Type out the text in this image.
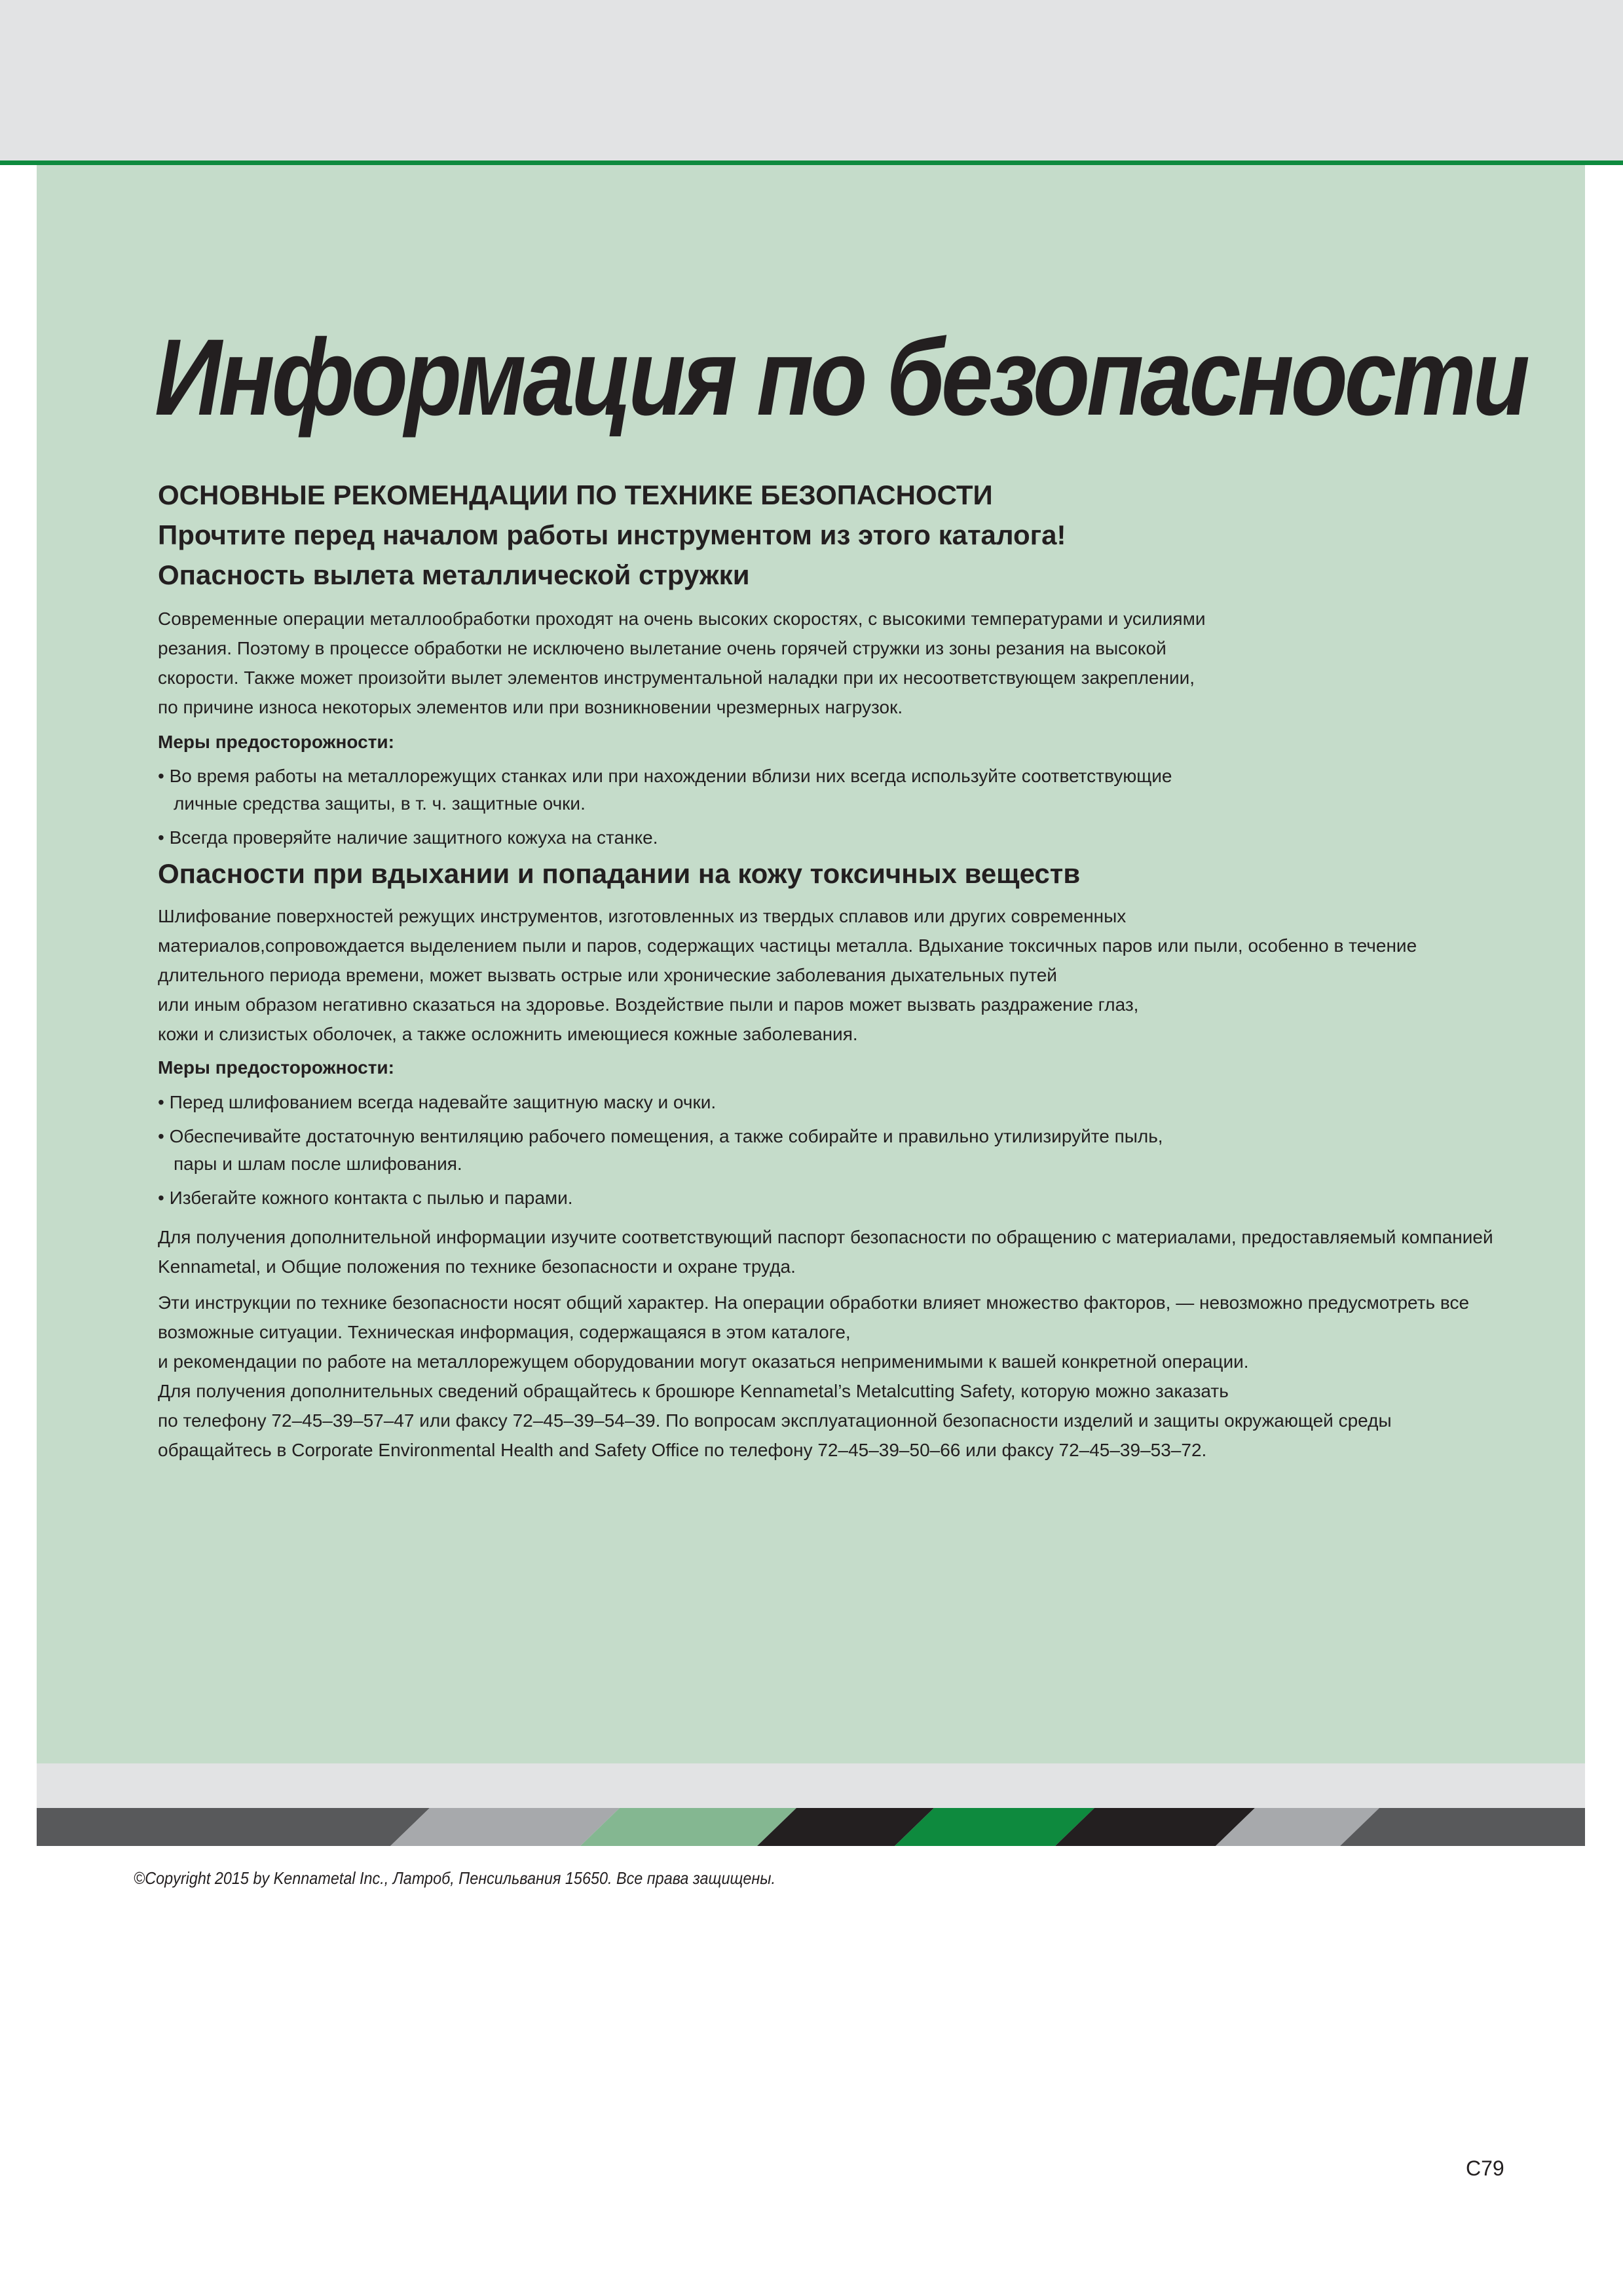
Информация по безопасности
ОСНОВНЫЕ РЕКОМЕНДАЦИИ ПО ТЕХНИКЕ БЕЗОПАСНОСТИ
Прочтите перед началом работы инструментом из этого каталога!
Опасность вылета металлической стружки

Современные операции металлообработки проходят на очень высоких скоростях, с высокими температурами и усилиями
резания. Поэтому в процессе обработки не исключено вылетание очень горячей стружки из зоны резания на высокой
скорости. Также может произойти вылет элементов инструментальной наладки при их несоответствующем закреплении,
по причине износа некоторых элементов или при возникновении чрезмерных нагрузок.

Меры предосторожности:

• Во время работы на металлорежущих станках или при нахождении вблизи них всегда используйте соответствующие
личные средства защиты, в т. ч. защитные очки.

• Всегда проверяйте наличие защитного кожуха на станке.

Опасности при вдыхании и попадании на кожу токсичных веществ

Шлифование поверхностей режущих инструментов, изготовленных из твердых сплавов или других современных
материалов,сопровождается выделением пыли и паров, содержащих частицы металла. Вдыхание токсичных паров или пыли, особенно в течение
длительного периода времени, может вызвать острые или хронические заболевания дыхательных путей
или иным образом негативно сказаться на здоровье. Воздействие пыли и паров может вызвать раздражение глаз,
кожи и слизистых оболочек, а также осложнить имеющиеся кожные заболевания.

Меры предосторожности:

• Перед шлифованием всегда надевайте защитную маску и очки.

• Обеспечивайте достаточную вентиляцию рабочего помещения, а также собирайте и правильно утилизируйте пыль,
пары и шлам после шлифования.

• Избегайте кожного контакта с пылью и парами.

Для получения дополнительной информации изучите соответствующий паспорт безопасности по обращению с материалами, предоставляемый компанией
Kennametal, и Общие положения по технике безопасности и охране труда.

Эти инструкции по технике безопасности носят общий характер. На операции обработки влияет множество факторов, — невозможно предусмотреть все
возможные ситуации. Техническая информация, содержащаяся в этом каталоге,
и рекомендации по работе на металлорежущем оборудовании могут оказаться неприменимыми к вашей конкретной операции.
Для получения дополнительных сведений обращайтесь к брошюре Kennametal’s Metalcutting Safety, которую можно заказать
по телефону 72–45–39–57–47 или факсу 72–45–39–54–39. По вопросам эксплуатационной безопасности изделий и защиты окружающей среды
обращайтесь в Corporate Environmental Health and Safety Office по телефону 72–45–39–50–66 или факсу 72–45–39–53–72.

©Copyright 2015 by Kennametal Inc., Латроб, Пенсильвания 15650. Все права защищены.

C79
